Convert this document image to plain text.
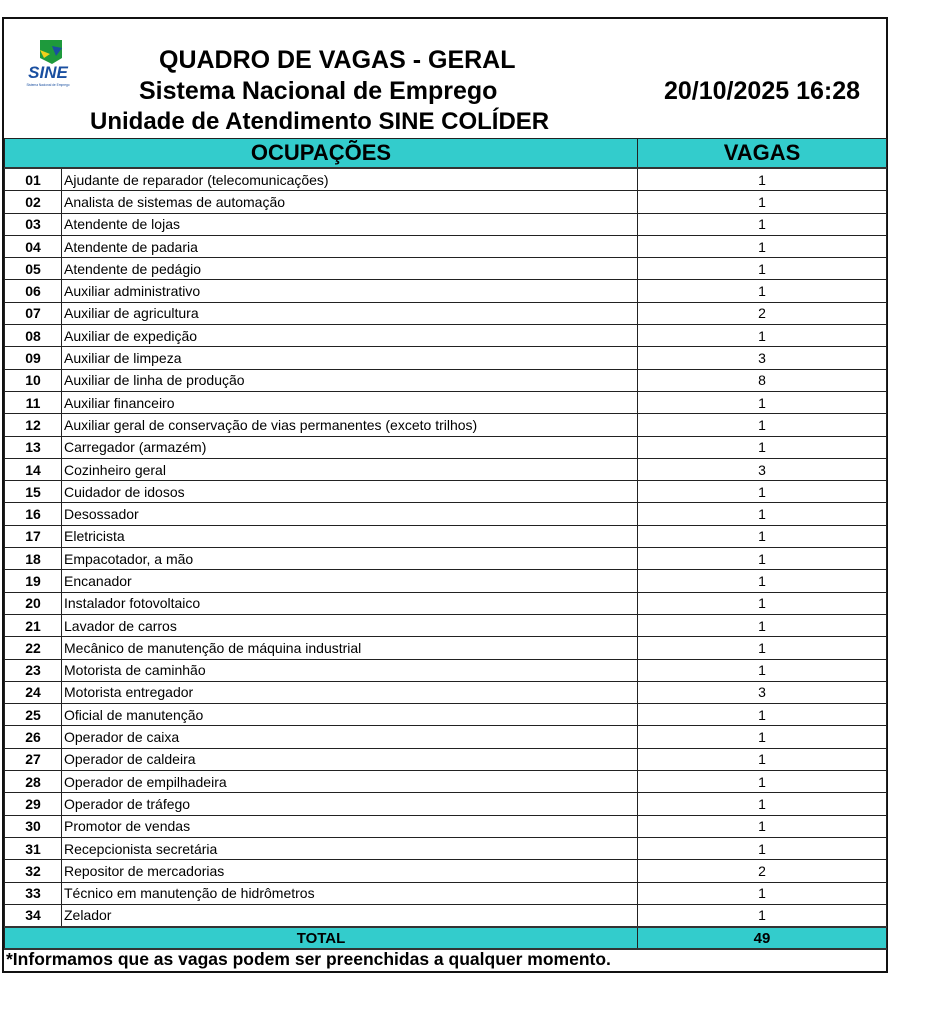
SINE
Sistema Nacional de Emprego
QUADRO DE VAGAS - GERAL
Sistema Nacional de Emprego
Unidade de Atendimento SINE COLÍDER
20/10/2025 16:28
OCUPAÇÕES		VAGAS
01	Ajudante de reparador (telecomunicações)	1
02	Analista de sistemas de automação	1
03	Atendente de lojas	1
04	Atendente de padaria	1
05	Atendente de pedágio	1
06	Auxiliar administrativo	1
07	Auxiliar de agricultura	2
08	Auxiliar de expedição	1
09	Auxiliar de limpeza	3
10	Auxiliar de linha de produção	8
11	Auxiliar financeiro	1
12	Auxiliar geral de conservação de vias permanentes (exceto trilhos)	1
13	Carregador (armazém)	1
14	Cozinheiro geral	3
15	Cuidador de idosos	1
16	Desossador	1
17	Eletricista	1
18	Empacotador, a mão	1
19	Encanador	1
20	Instalador fotovoltaico	1
21	Lavador de carros	1
22	Mecânico de manutenção de máquina industrial	1
23	Motorista de caminhão	1
24	Motorista entregador	3
25	Oficial de manutenção	1
26	Operador de caixa	1
27	Operador de caldeira	1
28	Operador de empilhadeira	1
29	Operador de tráfego	1
30	Promotor de vendas	1
31	Recepcionista secretária	1
32	Repositor de mercadorias	2
33	Técnico em manutenção de hidrômetros	1
34	Zelador	1
TOTAL		49
*Informamos que as vagas podem ser preenchidas a qualquer momento.
